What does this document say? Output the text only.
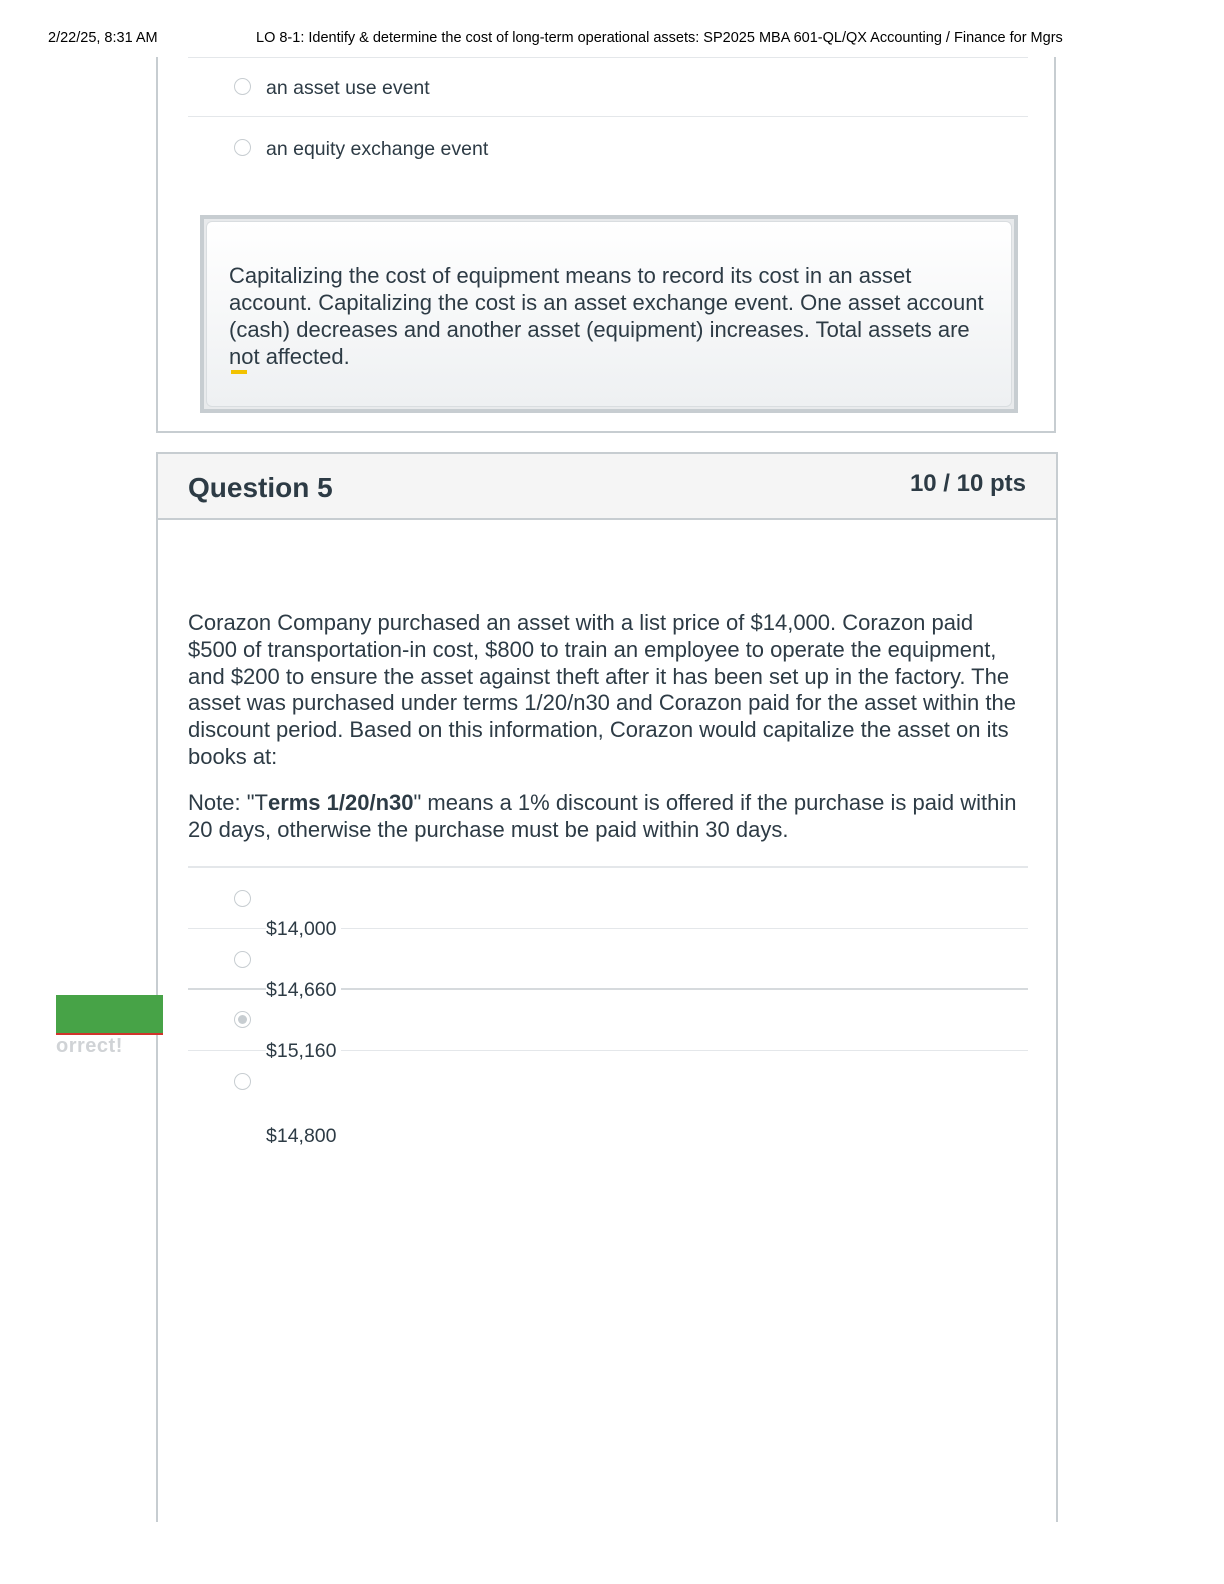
2/22/25, 8:31 AM	LO 8-1: Identify & determine the cost of long-term operational assets: SP2025 MBA 601-QL/QX Accounting / Finance for Mgrs
an asset use event
an equity exchange event
Capitalizing the cost of equipment means to record its cost in an asset account. Capitalizing the cost is an asset exchange event. One asset account (cash) decreases and another asset (equipment) increases. Total assets are not affected.
Question 5	10 / 10 pts
Corazon Company purchased an asset with a list price of $14,000. Corazon paid $500 of transportation-in cost, $800 to train an employee to operate the equipment, and $200 to ensure the asset against theft after it has been set up in the factory. The asset was purchased under terms 1/20/n30 and Corazon paid for the asset within the discount period. Based on this information, Corazon would capitalize the asset on its books at:
Note: "Terms 1/20/n30" means a 1% discount is offered if the purchase is paid within 20 days, otherwise the purchase must be paid within 30 days.
$14,000
$14,660
$15,160
$14,800
orrect!
